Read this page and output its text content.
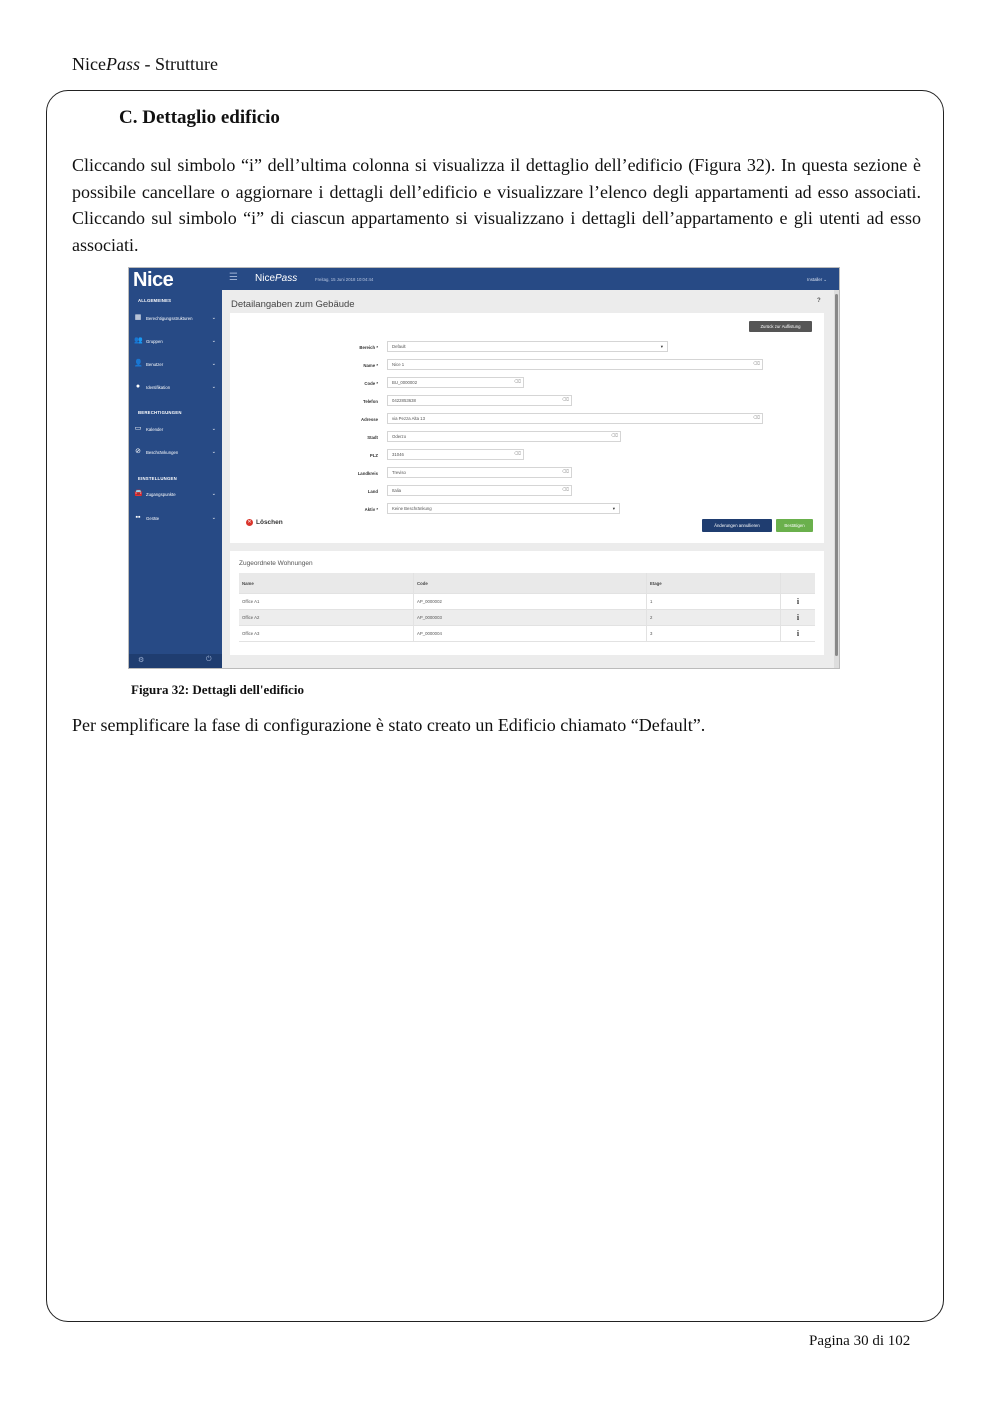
NicePass - Strutture
C. Dettaglio edificio
Cliccando sul simbolo “i” dell’ultima colonna si visualizza il dettaglio dell’edificio (Figura 32). In questa sezione è possibile cancellare o aggiornare i dettagli dell’edificio e visualizzare l’elenco degli appartamenti ad esso associati. Cliccando sul simbolo “i” di ciascun appartamento si visualizzano i dettagli dell’appartamento e gli utenti ad esso associati.
Nice
ALLGEMEINES
▦ Berechtigungsstrukturen	⌄
👥 Gruppen	⌄
👤 Benutzer	⌄
●	Identifikation	⌄
BERECHTIGUNGEN
▭ Kalender	⌄
⊘ Beschränkungen	⌄
EINSTELLUNGEN
🚘 Zugangspunkte	⌄
▪▪	Geräte	⌄
⚙	⏻
☰ NicePass	Freitag, 15 Juni 2018 10:04:44	Installer ⌄
Detailangaben zum Gebäude	?
Zurück zur Auflistung
Bereich *	Default	▾
Name *	Nice 1	⌫
Code *	BU_0000002	⌫
Telefon	0422853638	⌫
Adresse	via Pezza Alta 13	⌫
Stadt	Oderzo	⌫
PLZ	31046	⌫
Landkreis	Treviso	⌫
Land	Italia	⌫
Aktiv *	Keine Beschränkung	▾
✕ Löschen	Änderungen annullieren	Bestätigen
Zugeordnete Wohnungen
Name	Code	Etage
Office A1	AP_0000002	1	i
Office A2	AP_0000003	2	i
Office A3	AP_0000004	3	i
Figura 32: Dettagli dell'edificio
Per semplificare la fase di configurazione è stato creato un Edificio chiamato “Default”.
Pagina 30 di 102
